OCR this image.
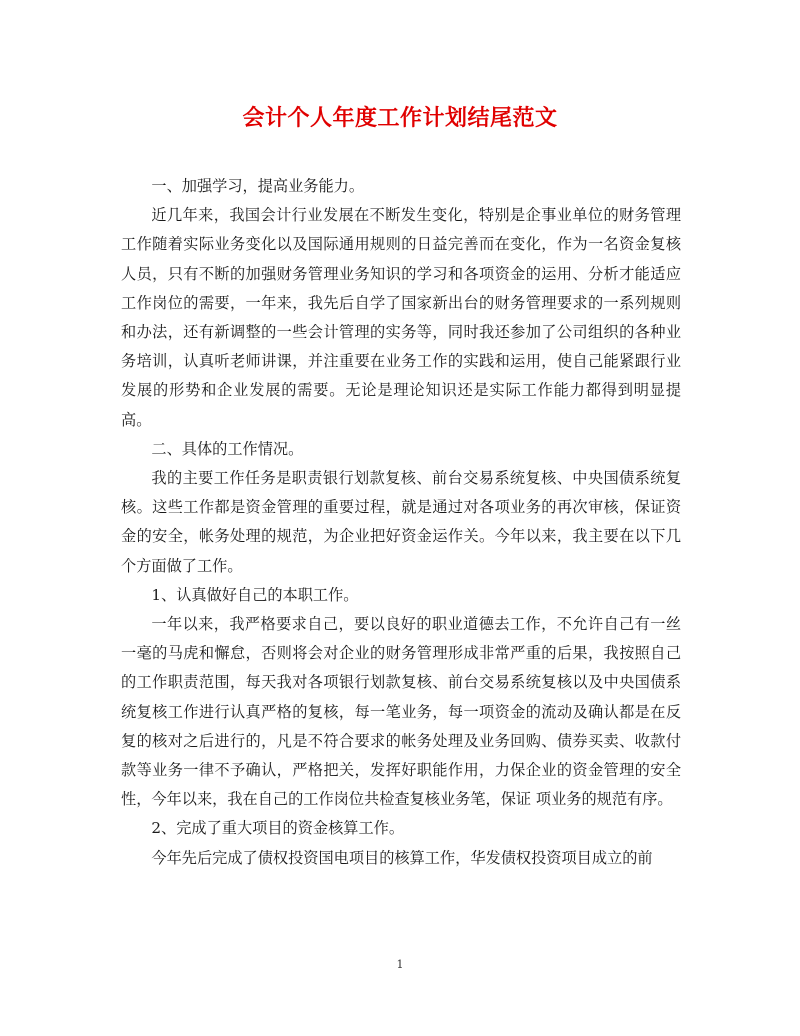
会计个人年度工作计划结尾范文

一、加强学习，提高业务能力。

近几年来，我国会计行业发展在不断发生变化，特别是企事业单位的财务管理工作随着实际业务变化以及国际通用规则的日益完善而在变化，作为一名资金复核人员，只有不断的加强财务管理业务知识的学习和各项资金的运用、分析才能适应工作岗位的需要，一年来，我先后自学了国家新出台的财务管理要求的一系列规则和办法，还有新调整的一些会计管理的实务等，同时我还参加了公司组织的各种业务培训，认真听老师讲课，并注重要在业务工作的实践和运用，使自己能紧跟行业发展的形势和企业发展的需要。无论是理论知识还是实际工作能力都得到明显提高。

二、具体的工作情况。

我的主要工作任务是职责银行划款复核、前台交易系统复核、中央国债系统复核。这些工作都是资金管理的重要过程，就是通过对各项业务的再次审核，保证资金的安全，帐务处理的规范，为企业把好资金运作关。今年以来，我主要在以下几个方面做了工作。

1、认真做好自己的本职工作。

一年以来，我严格要求自己，要以良好的职业道德去工作，不允许自己有一丝一毫的马虎和懈怠，否则将会对企业的财务管理形成非常严重的后果，我按照自己的工作职责范围，每天我对各项银行划款复核、前台交易系统复核以及中央国债系统复核工作进行认真严格的复核，每一笔业务，每一项资金的流动及确认都是在反复的核对之后进行的，凡是不符合要求的帐务处理及业务回购、债券买卖、收款付款等业务一律不予确认，严格把关，发挥好职能作用，力保企业的资金管理的安全性，今年以来，我在自己的工作岗位共检查复核业务笔，保证 项业务的规范有序。

2、完成了重大项目的资金核算工作。

今年先后完成了债权投资国电项目的核算工作，华发债权投资项目成立的前

1
